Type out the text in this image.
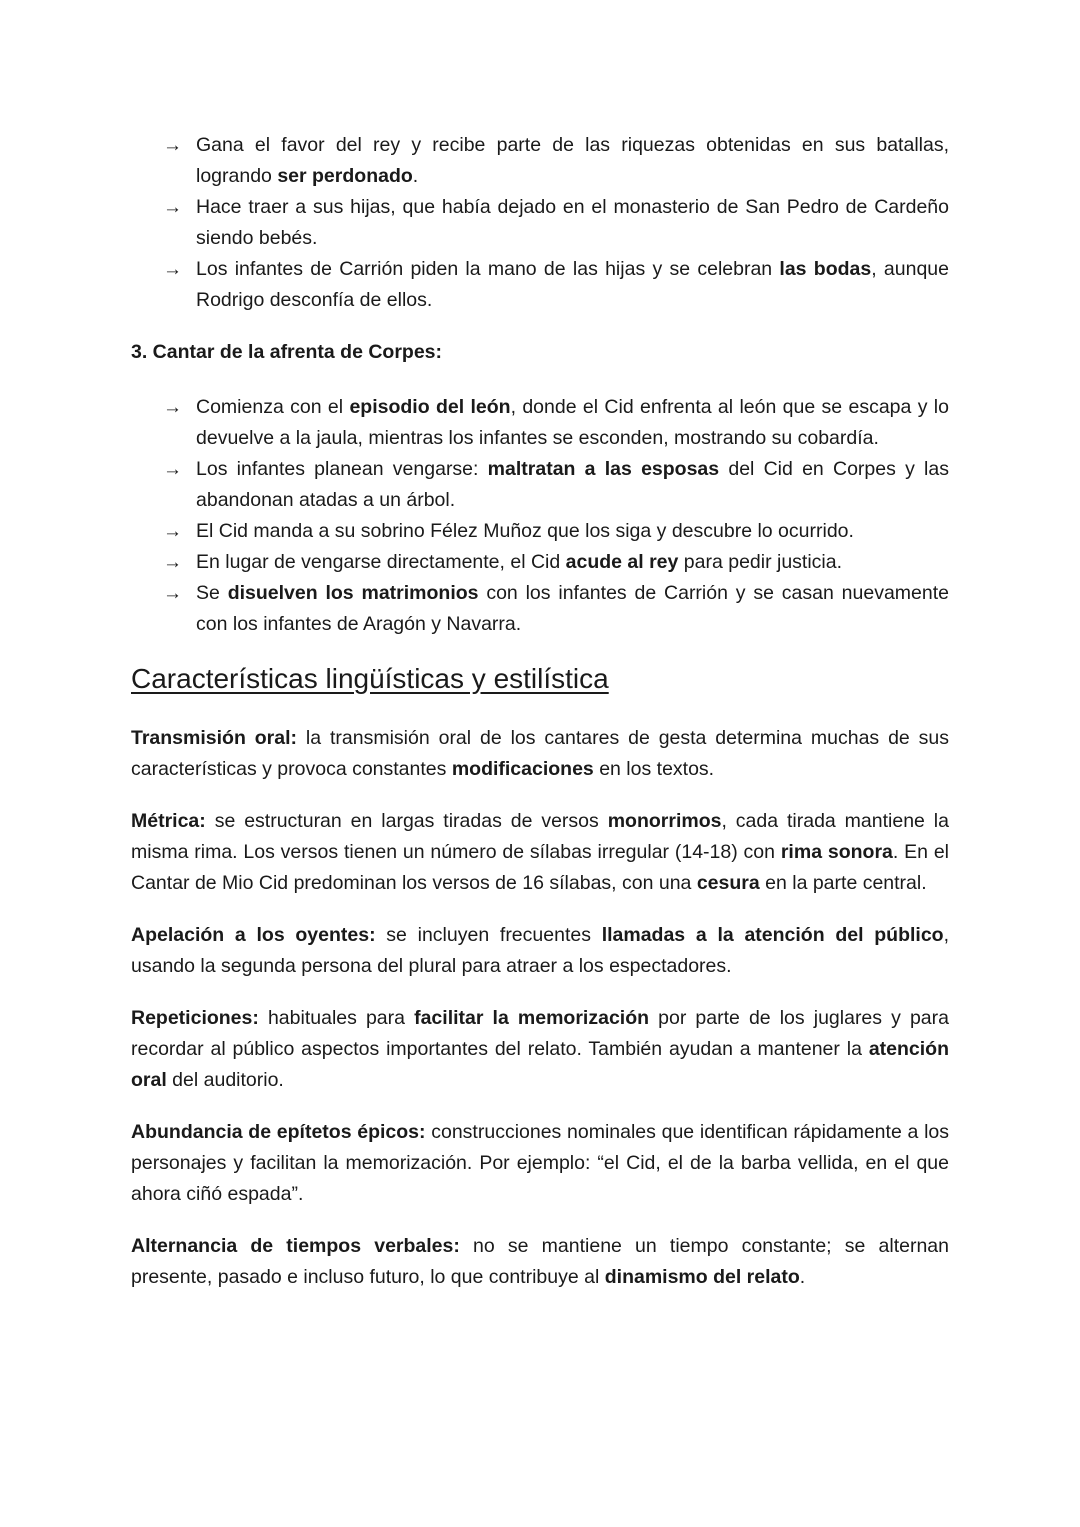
→ Gana el favor del rey y recibe parte de las riquezas obtenidas en sus batallas, logrando ser perdonado.
→ Hace traer a sus hijas, que había dejado en el monasterio de San Pedro de Cardeño siendo bebés.
→ Los infantes de Carrión piden la mano de las hijas y se celebran las bodas, aunque Rodrigo desconfía de ellos.

3. Cantar de la afrenta de Corpes:

→ Comienza con el episodio del león, donde el Cid enfrenta al león que se escapa y lo devuelve a la jaula, mientras los infantes se esconden, mostrando su cobardía.
→ Los infantes planean vengarse: maltratan a las esposas del Cid en Corpes y las abandonan atadas a un árbol.
→ El Cid manda a su sobrino Félez Muñoz que los siga y descubre lo ocurrido.
→ En lugar de vengarse directamente, el Cid acude al rey para pedir justicia.
→ Se disuelven los matrimonios con los infantes de Carrión y se casan nuevamente con los infantes de Aragón y Navarra.
Características lingüísticas y estilística

Transmisión oral: la transmisión oral de los cantares de gesta determina muchas de sus características y provoca constantes modificaciones en los textos.

Métrica: se estructuran en largas tiradas de versos monorrimos, cada tirada mantiene la misma rima. Los versos tienen un número de sílabas irregular (14-18) con rima sonora. En el Cantar de Mio Cid predominan los versos de 16 sílabas, con una cesura en la parte central.

Apelación a los oyentes: se incluyen frecuentes llamadas a la atención del público, usando la segunda persona del plural para atraer a los espectadores.

Repeticiones: habituales para facilitar la memorización por parte de los juglares y para recordar al público aspectos importantes del relato. También ayudan a mantener la atención oral del auditorio.

Abundancia de epítetos épicos: construcciones nominales que identifican rápidamente a los personajes y facilitan la memorización. Por ejemplo: “el Cid, el de la barba vellida, en el que ahora ciñó espada”.

Alternancia de tiempos verbales: no se mantiene un tiempo constante; se alternan presente, pasado e incluso futuro, lo que contribuye al dinamismo del relato.
